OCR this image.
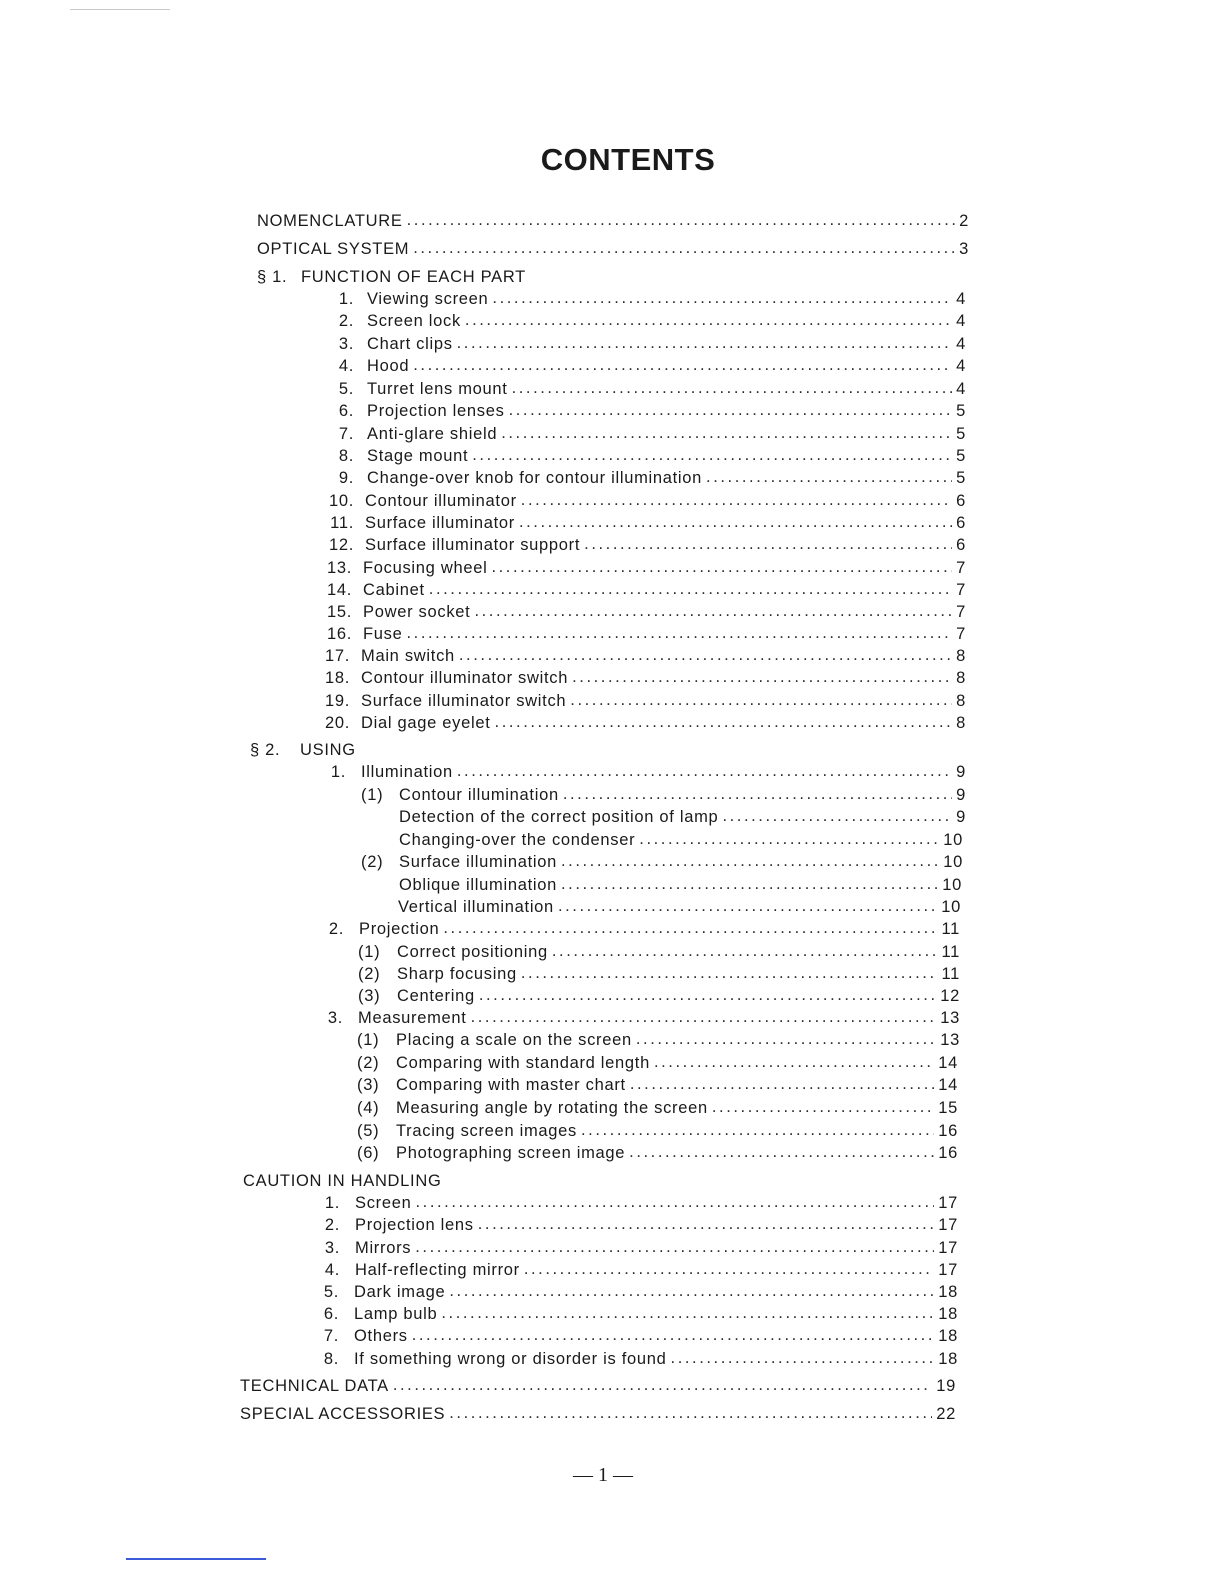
CONTENTS
NOMENCLATURE . . .	2
OPTICAL SYSTEM . . .	3
§ 1. FUNCTION OF EACH PART
1. Viewing screen . . .	4
2. Screen lock . . .	4
3. Chart clips . . .	4
4. Hood . . .	4
5. Turret lens mount . . .	4
6. Projection lenses . . .	5
7. Anti-glare shield . . .	5
8. Stage mount . . .	5
9. Change-over knob for contour illumination . . .	5
10. Contour illuminator . . .	6
11. Surface illuminator . . .	6
12. Surface illuminator support . . .	6
13. Focusing wheel . . .	7
14. Cabinet . . .	7
15. Power socket . . .	7
16. Fuse . . .	7
17. Main switch . . .	8
18. Contour illuminator switch . . .	8
19. Surface illuminator switch . . .	8
20. Dial gage eyelet . . .	8
§ 2.	USING
1. Illumination . . .	9
(1) Contour illumination . . .	9
Detection of the correct position of lamp . . .	9
Changing-over the condenser . . .	10
(2) Surface illumination . . .	10
Oblique illumination . . .	10
Vertical illumination . . .	10
2. Projection . . .	11
(1) Correct positioning . . .	11
(2) Sharp focusing . . .	11
(3) Centering . . .	12
3. Measurement . . .	13
(1) Placing a scale on the screen . . .	13
(2) Comparing with standard length . . .	14
(3) Comparing with master chart . . .	14
(4) Measuring angle by rotating the screen . . .	15
(5) Tracing screen images . . .	16
(6) Photographing screen image . . .	16
CAUTION IN HANDLING
1. Screen . . .	17
2. Projection lens . . .	17
3. Mirrors . . .	17
4. Half-reflecting mirror . . .	17
5. Dark image . . .	18
6. Lamp bulb . . .	18
7. Others . . .	18
8. If something wrong or disorder is found . . .	18
TECHNICAL DATA . . .	19
SPECIAL ACCESSORIES . . .	22
— 1 —
